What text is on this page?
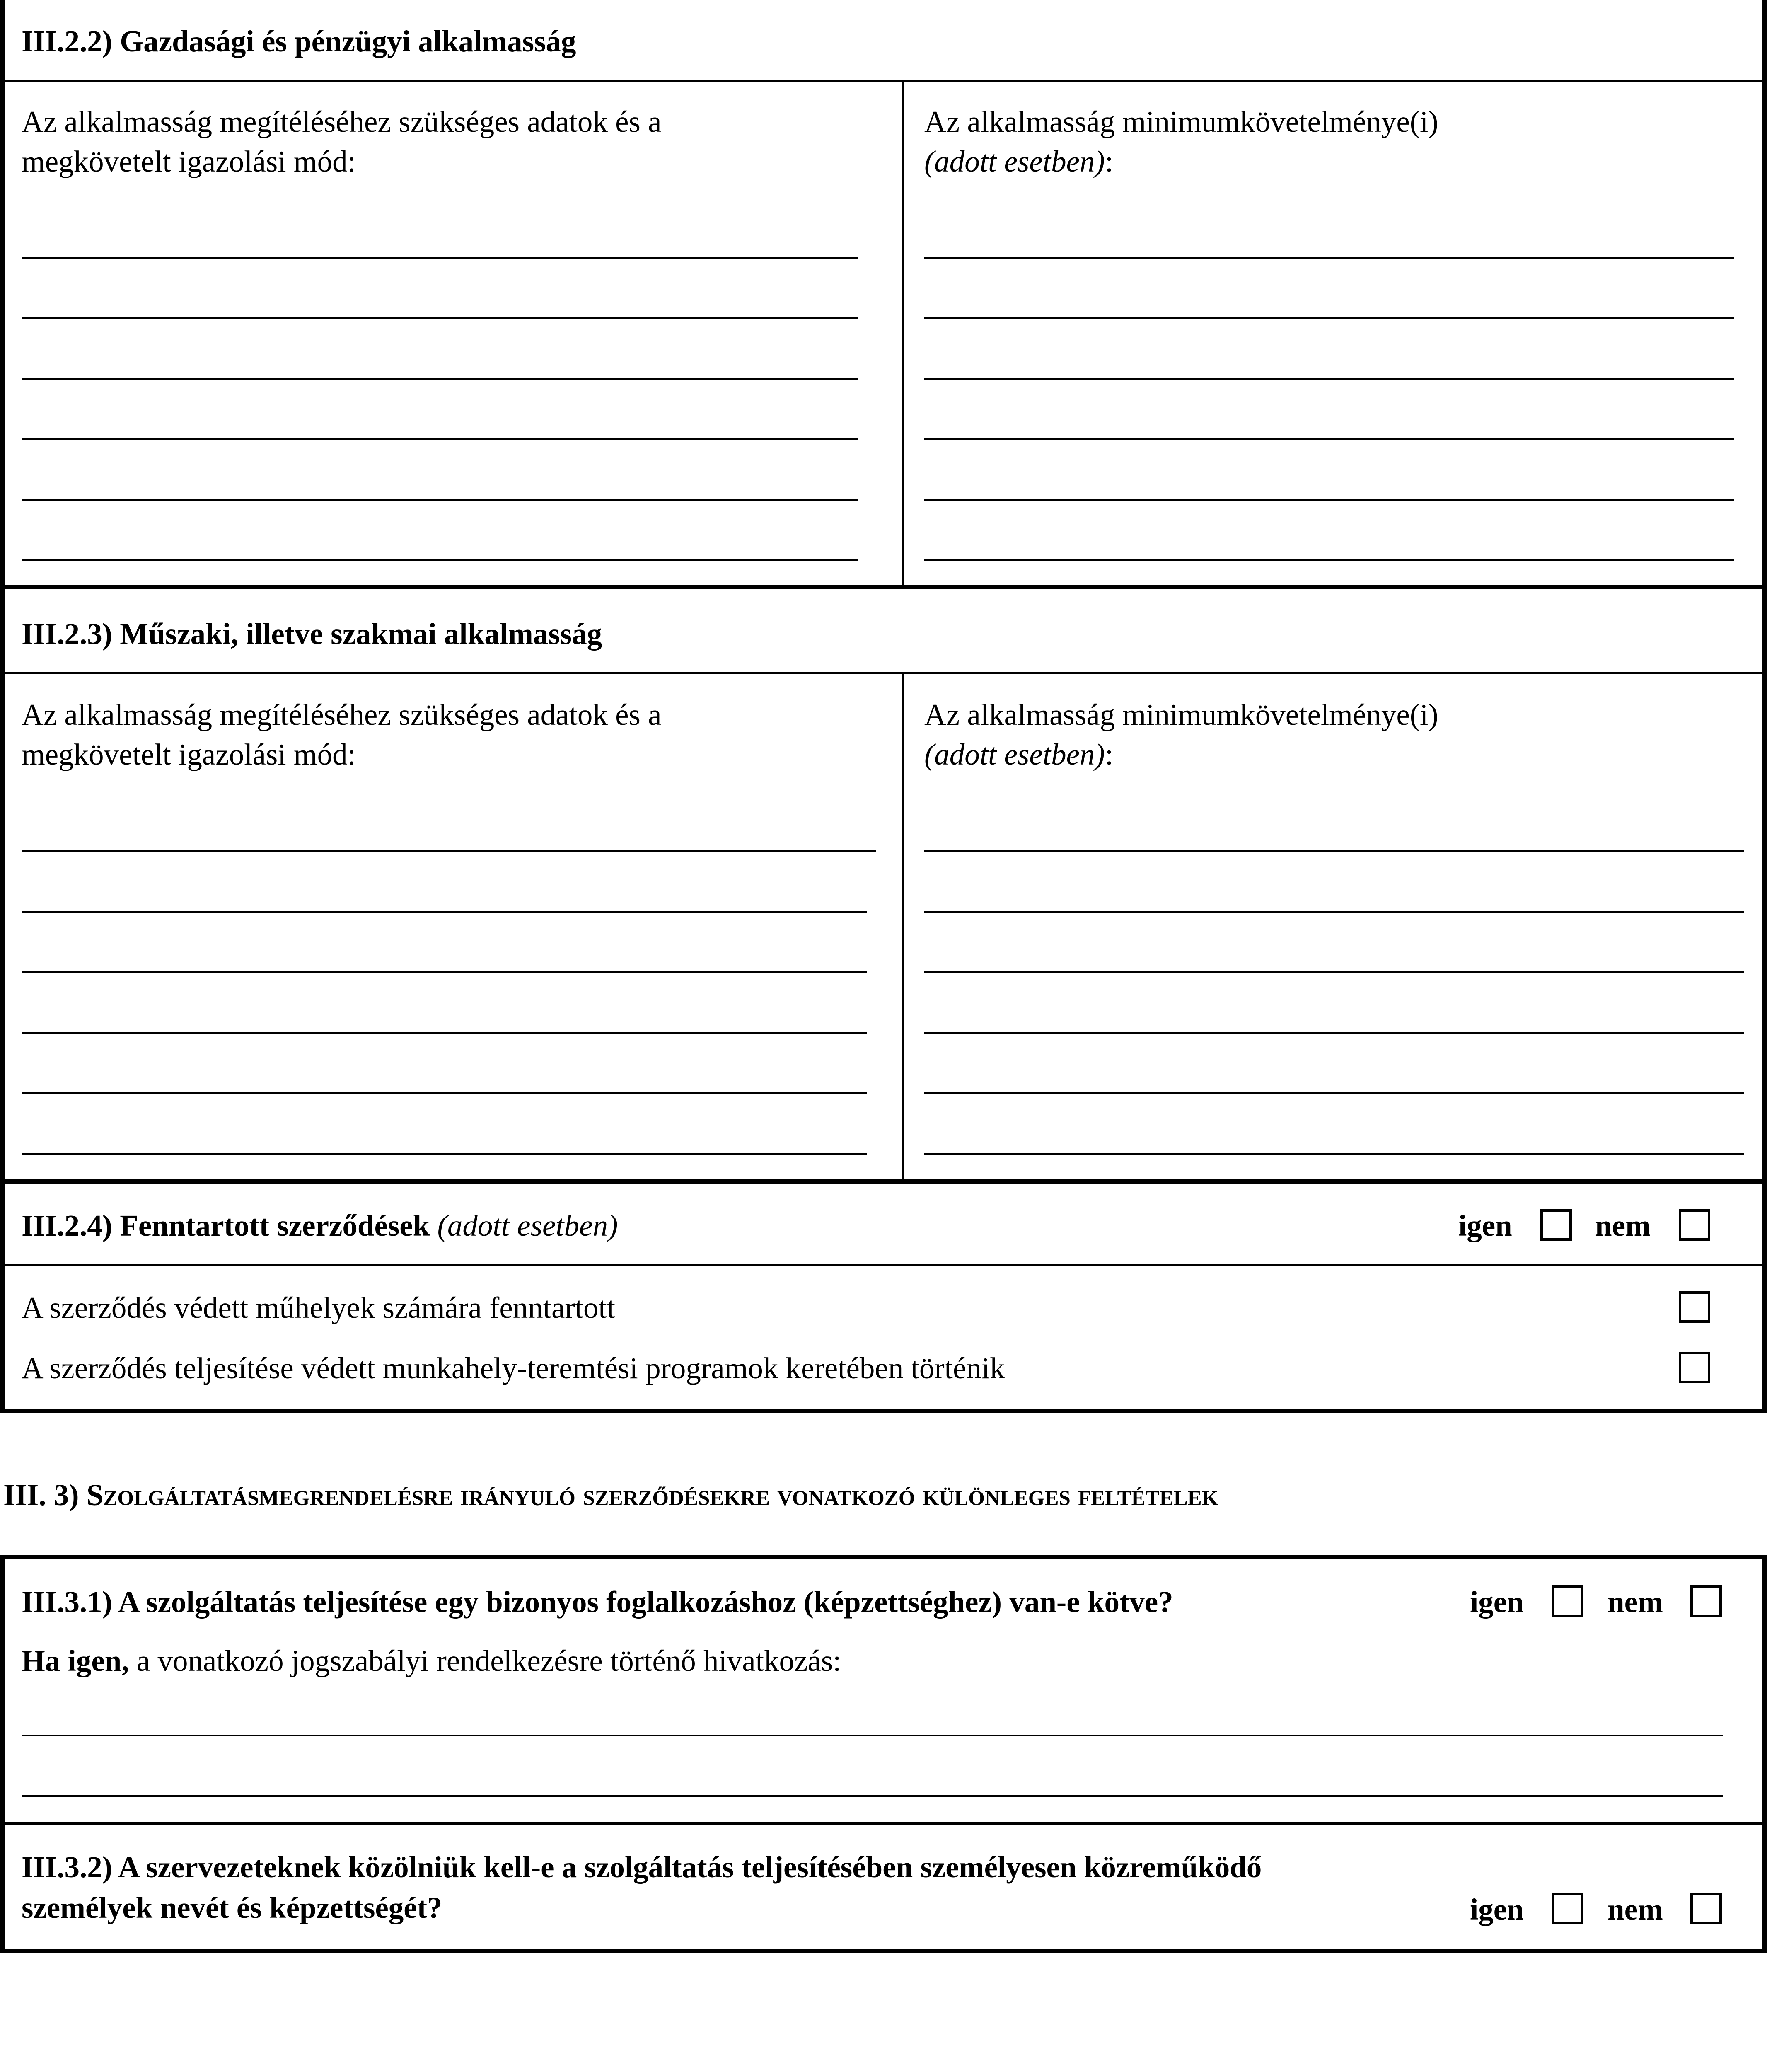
III.2.2) Gazdasági és pénzügyi alkalmasság
Az alkalmasság megítéléséhez szükséges adatok és a
megkövetelt igazolási mód:
Az alkalmasság minimumkövetelménye(i)
(adott esetben):
III.2.3) Műszaki, illetve szakmai alkalmasság
Az alkalmasság megítéléséhez szükséges adatok és a
megkövetelt igazolási mód:
Az alkalmasság minimumkövetelménye(i)
(adott esetben):
III.2.4) Fenntartott szerződések (adott esetben)	igen	nem
A szerződés védett műhelyek számára fenntartott
A szerződés teljesítése védett munkahely-teremtési programok keretében történik
III. 3) Szolgáltatásmegrendelésre irányuló szerződésekre vonatkozó különleges feltételek
III.3.1) A szolgáltatás teljesítése egy bizonyos foglalkozáshoz (képzettséghez) van-e kötve?	igen	nem
Ha igen, a vonatkozó jogszabályi rendelkezésre történő hivatkozás:
III.3.2) A szervezeteknek közölniük kell-e a szolgáltatás teljesítésében személyesen közreműködő
személyek nevét és képzettségét?	igen	nem
